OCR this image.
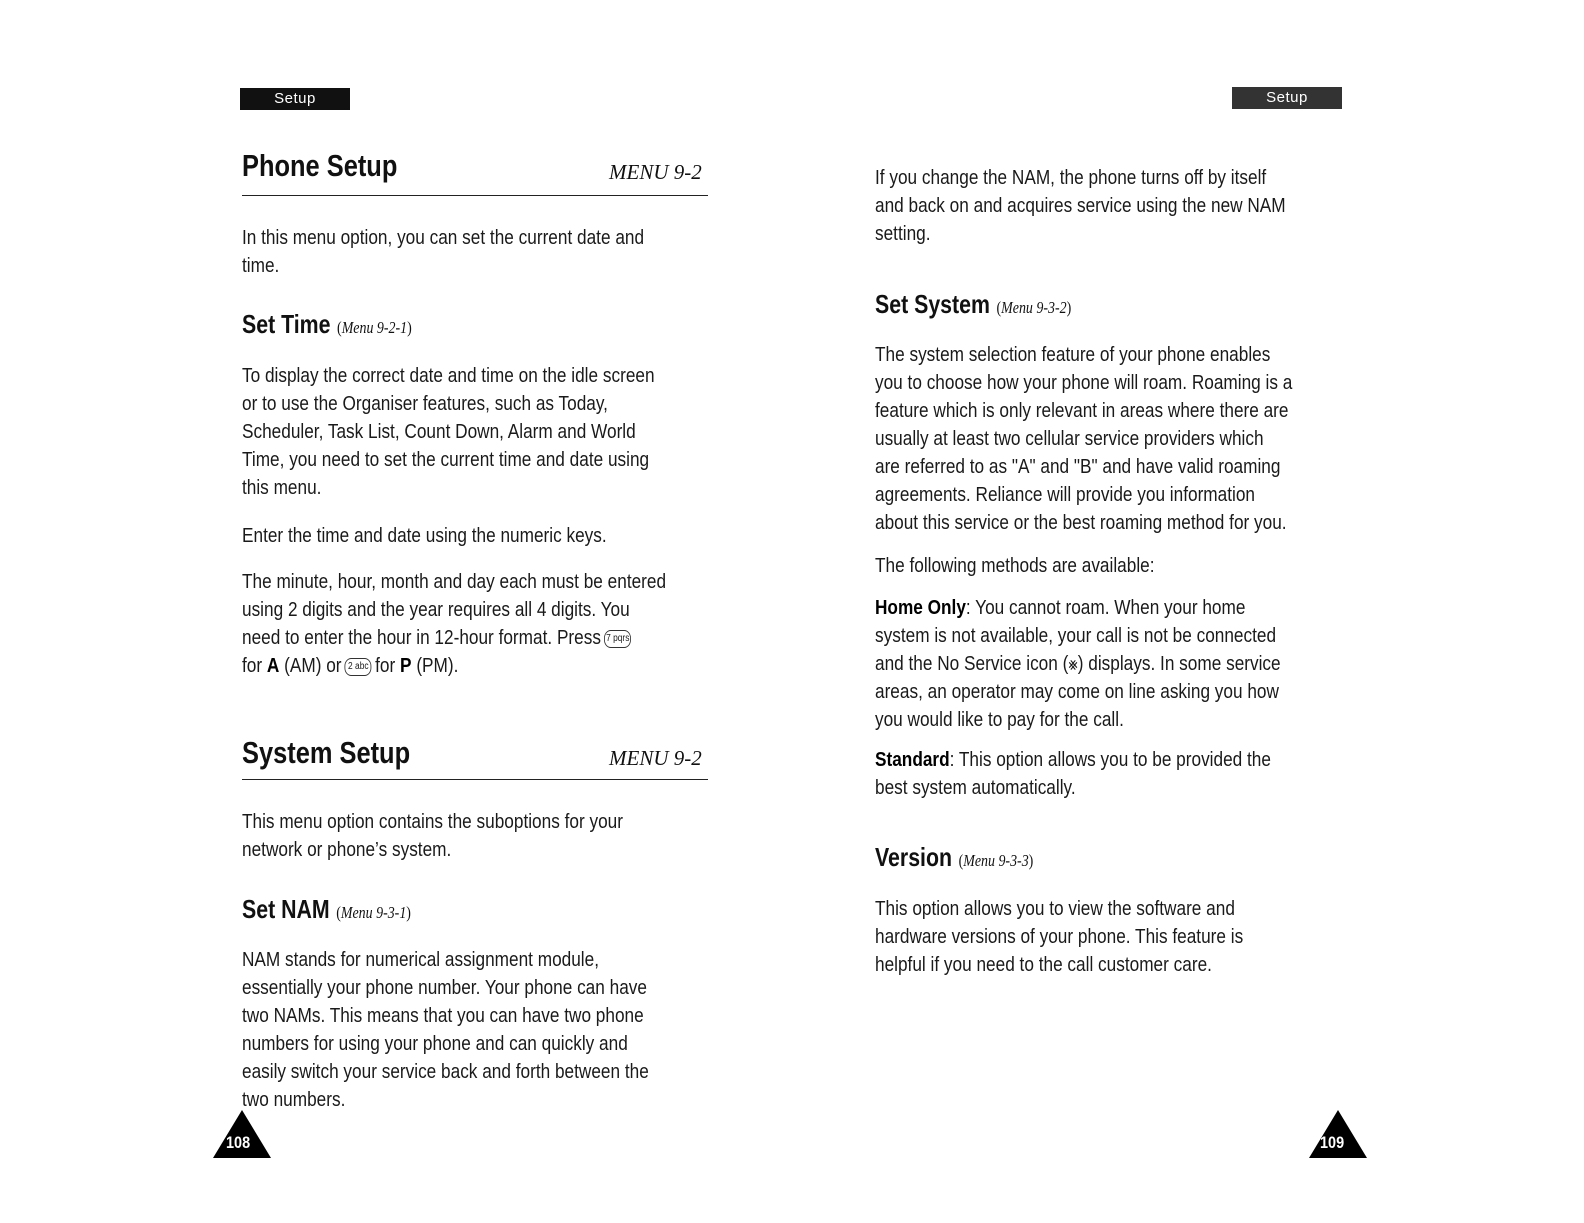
Setup	Setup
Phone Setup	MENU 9-2
In this menu option, you can set the current date and
time.
Set Time (Menu 9-2-1)
To display the correct date and time on the idle screen
or to use the Organiser features, such as Today,
Scheduler, Task List, Count Down, Alarm and World
Time, you need to set the current time and date using
this menu.
Enter the time and date using the numeric keys.
The minute, hour, month and day each must be entered
using 2 digits and the year requires all 4 digits. You
need to enter the hour in 12-hour format. Press 7 pqrs
for A (AM) or 2 abc for P (PM).
System Setup	MENU 9-2
This menu option contains the suboptions for your
network or phone’s system.
Set NAM (Menu 9-3-1)
NAM stands for numerical assignment module,
essentially your phone number. Your phone can have
two NAMs. This means that you can have two phone
numbers for using your phone and can quickly and
easily switch your service back and forth between the
two numbers.
108
If you change the NAM, the phone turns off by itself
and back on and acquires service using the new NAM
setting.
Set System (Menu 9-3-2)
The system selection feature of your phone enables
you to choose how your phone will roam. Roaming is a
feature which is only relevant in areas where there are
usually at least two cellular service providers which
are referred to as "A" and "B" and have valid roaming
agreements. Reliance will provide you information
about this service or the best roaming method for you.
The following methods are available:
Home Only: You cannot roam. When your home
system is not available, your call is not be connected
and the No Service icon (⨳) displays. In some service
areas, an operator may come on line asking you how
you would like to pay for the call.
Standard: This option allows you to be provided the
best system automatically.
Version (Menu 9-3-3)
This option allows you to view the software and
hardware versions of your phone. This feature is
helpful if you need to the call customer care.
109
